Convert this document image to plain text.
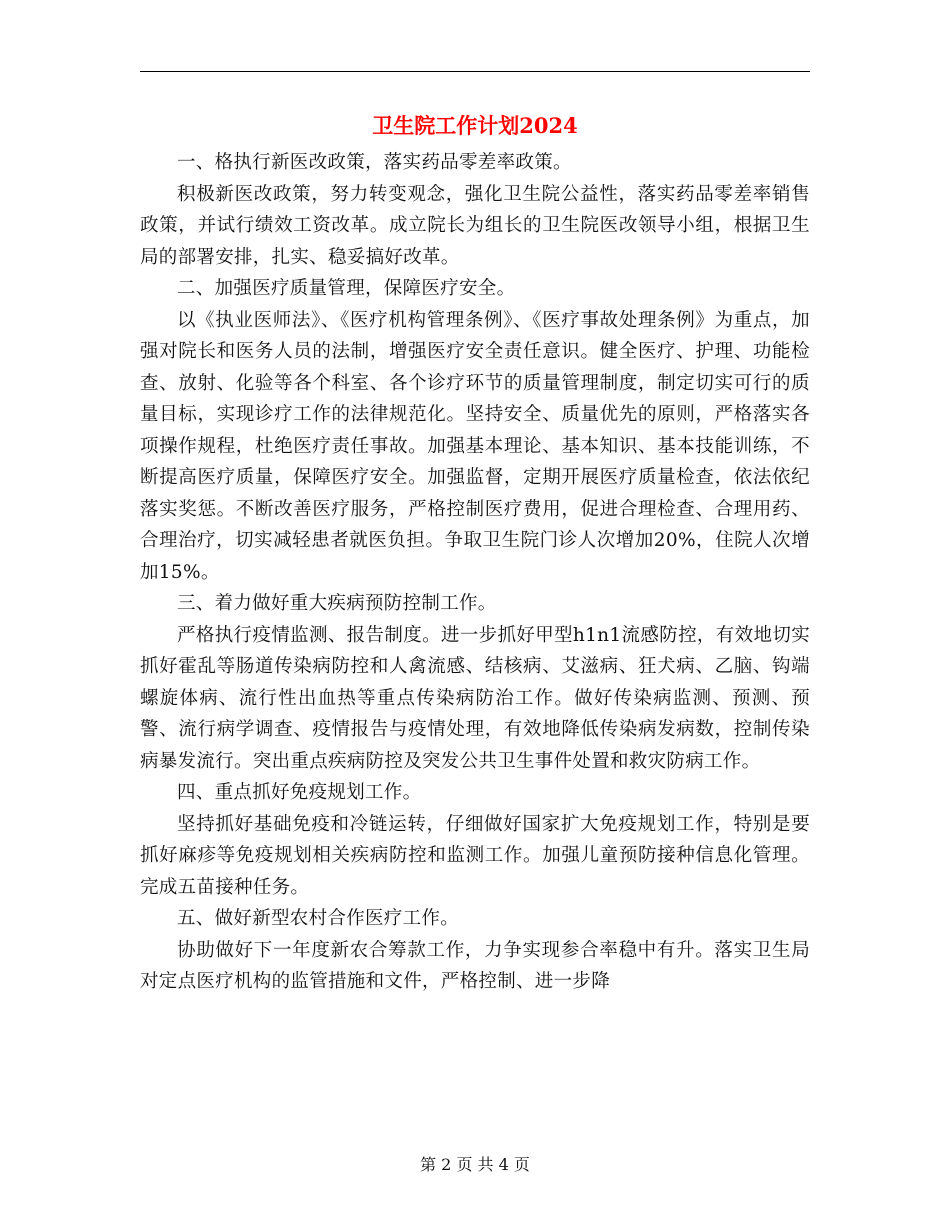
卫生院工作计划2024

一、格执行新医改政策，落实药品零差率政策。

积极新医改政策，努力转变观念，强化卫生院公益性，落实药品零差率销售政策，并试行绩效工资改革。成立院长为组长的卫生院医改领导小组，根据卫生局的部署安排，扎实、稳妥搞好改革。

二、加强医疗质量管理，保障医疗安全。

以《执业医师法》、《医疗机构管理条例》、《医疗事故处理条例》为重点，加强对院长和医务人员的法制，增强医疗安全责任意识。健全医疗、护理、功能检查、放射、化验等各个科室、各个诊疗环节的质量管理制度，制定切实可行的质量目标，实现诊疗工作的法律规范化。坚持安全、质量优先的原则，严格落实各项操作规程，杜绝医疗责任事故。加强基本理论、基本知识、基本技能训练，不断提高医疗质量，保障医疗安全。加强监督，定期开展医疗质量检查，依法依纪落实奖惩。不断改善医疗服务，严格控制医疗费用，促进合理检查、合理用药、合理治疗，切实减轻患者就医负担。争取卫生院门诊人次增加20%，住院人次增加15%。

三、着力做好重大疾病预防控制工作。

严格执行疫情监测、报告制度。进一步抓好甲型h1n1流感防控，有效地切实抓好霍乱等肠道传染病防控和人禽流感、结核病、艾滋病、狂犬病、乙脑、钩端螺旋体病、流行性出血热等重点传染病防治工作。做好传染病监测、预测、预警、流行病学调查、疫情报告与疫情处理，有效地降低传染病发病数，控制传染病暴发流行。突出重点疾病防控及突发公共卫生事件处置和救灾防病工作。

四、重点抓好免疫规划工作。

坚持抓好基础免疫和冷链运转，仔细做好国家扩大免疫规划工作，特别是要抓好麻疹等免疫规划相关疾病防控和监测工作。加强儿童预防接种信息化管理。完成五苗接种任务。

五、做好新型农村合作医疗工作。

协助做好下一年度新农合筹款工作，力争实现参合率稳中有升。落实卫生局对定点医疗机构的监管措施和文件，严格控制、进一步降

第 2 页 共 4 页
